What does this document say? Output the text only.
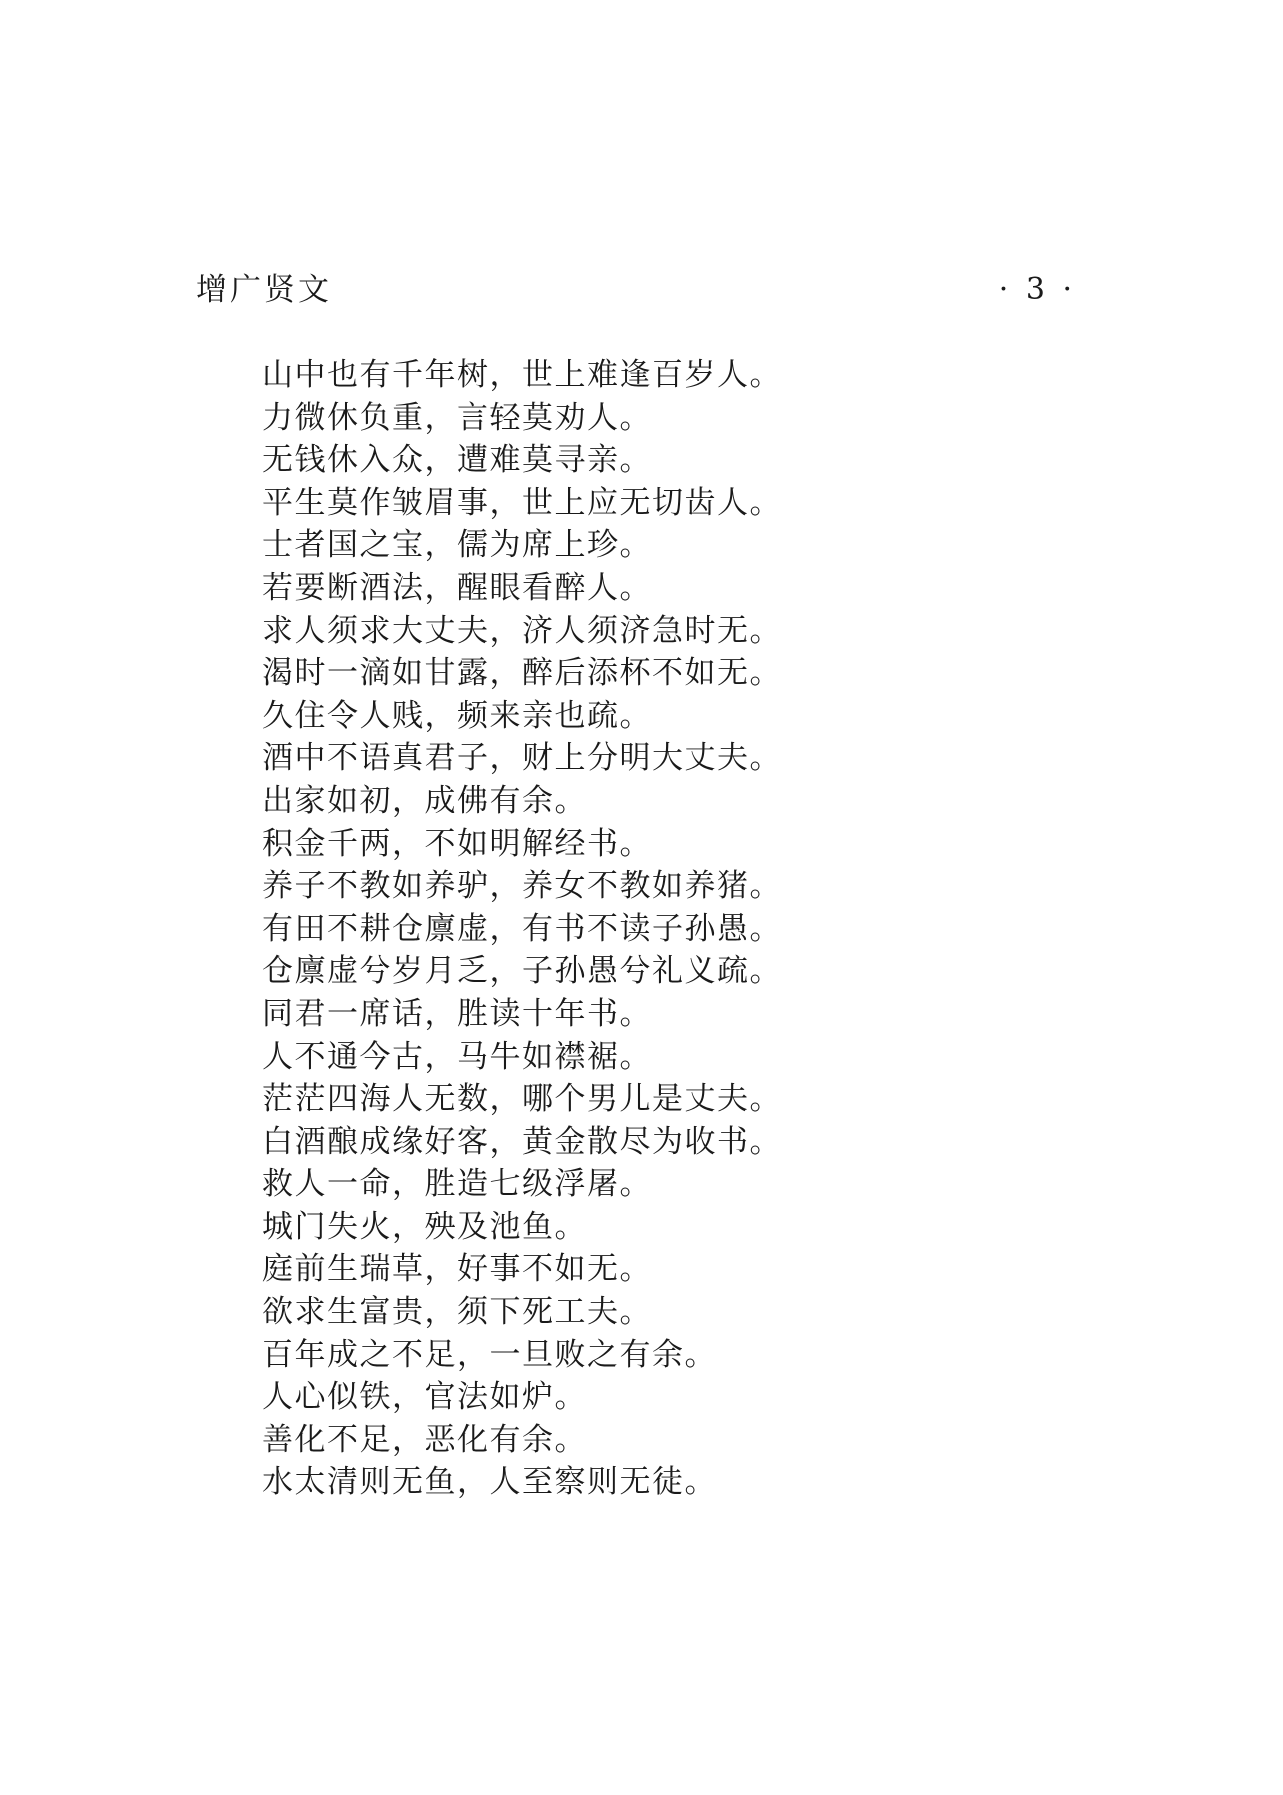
增广贤文	· 3 ·
山中也有千年树，世上难逢百岁人。
力微休负重，言轻莫劝人。
无钱休入众，遭难莫寻亲。
平生莫作皱眉事，世上应无切齿人。
士者国之宝，儒为席上珍。
若要断酒法，醒眼看醉人。
求人须求大丈夫，济人须济急时无。
渴时一滴如甘露，醉后添杯不如无。
久住令人贱，频来亲也疏。
酒中不语真君子，财上分明大丈夫。
出家如初，成佛有余。
积金千两，不如明解经书。
养子不教如养驴，养女不教如养猪。
有田不耕仓廪虚，有书不读子孙愚。
仓廪虚兮岁月乏，子孙愚兮礼义疏。
同君一席话，胜读十年书。
人不通今古，马牛如襟裾。
茫茫四海人无数，哪个男儿是丈夫。
白酒酿成缘好客，黄金散尽为收书。
救人一命，胜造七级浮屠。
城门失火，殃及池鱼。
庭前生瑞草，好事不如无。
欲求生富贵，须下死工夫。
百年成之不足，一旦败之有余。
人心似铁，官法如炉。
善化不足，恶化有余。
水太清则无鱼，人至察则无徒。
